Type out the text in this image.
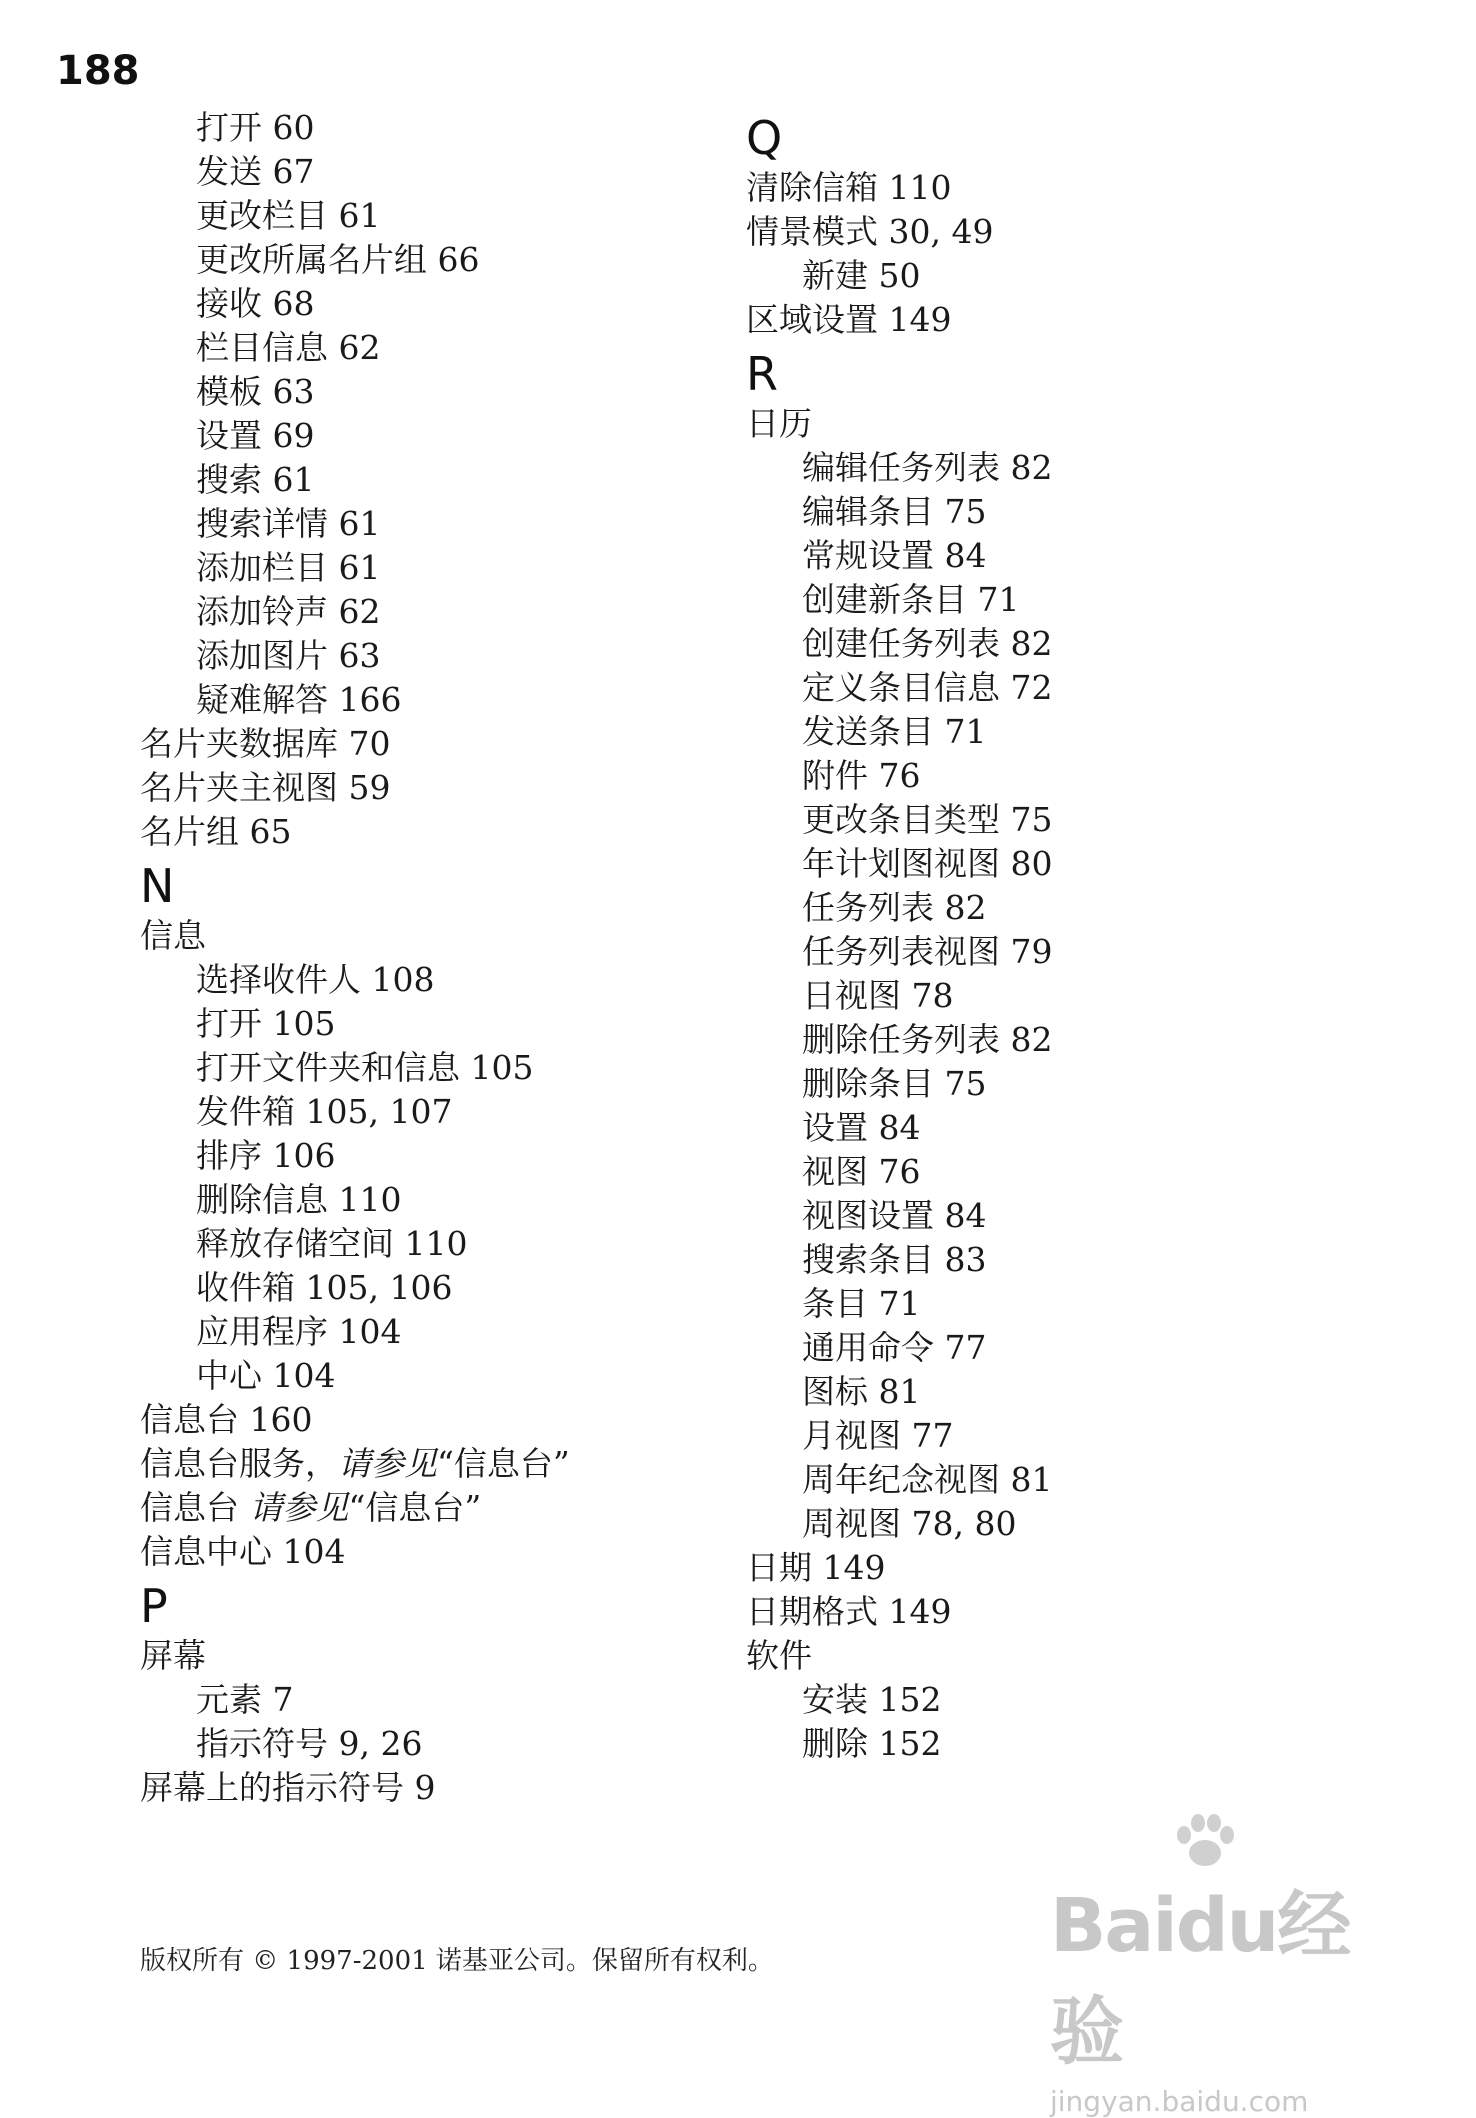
188
打开 60
发送 67
更改栏目 61
更改所属名片组 66
接收 68
栏目信息 62
模板 63
设置 69
搜索 61
搜索详情 61
添加栏目 61
添加铃声 62
添加图片 63
疑难解答 166
名片夹数据库 70
名片夹主视图 59
名片组 65
N
信息
选择收件人 108
打开 105
打开文件夹和信息 105
发件箱 105, 107
排序 106
删除信息 110
释放存储空间 110
收件箱 105, 106
应用程序 104
中心 104
信息台 160
信息台服务，请参见“信息台”
信息台 请参见“信息台”
信息中心 104
P
屏幕
元素 7
指示符号 9, 26
屏幕上的指示符号 9
Q
清除信箱 110
情景模式 30, 49
新建 50
区域设置 149
R
日历
编辑任务列表 82
编辑条目 75
常规设置 84
创建新条目 71
创建任务列表 82
定义条目信息 72
发送条目 71
附件 76
更改条目类型 75
年计划图视图 80
任务列表 82
任务列表视图 79
日视图 78
删除任务列表 82
删除条目 75
设置 84
视图 76
视图设置 84
搜索条目 83
条目 71
通用命令 77
图标 81
月视图 77
周年纪念视图 81
周视图 78, 80
日期 149
日期格式 149
软件
安装 152
删除 152
版权所有 © 1997-2001 诺基亚公司。保留所有权利。	Baidu经验
jingyan.baidu.com
